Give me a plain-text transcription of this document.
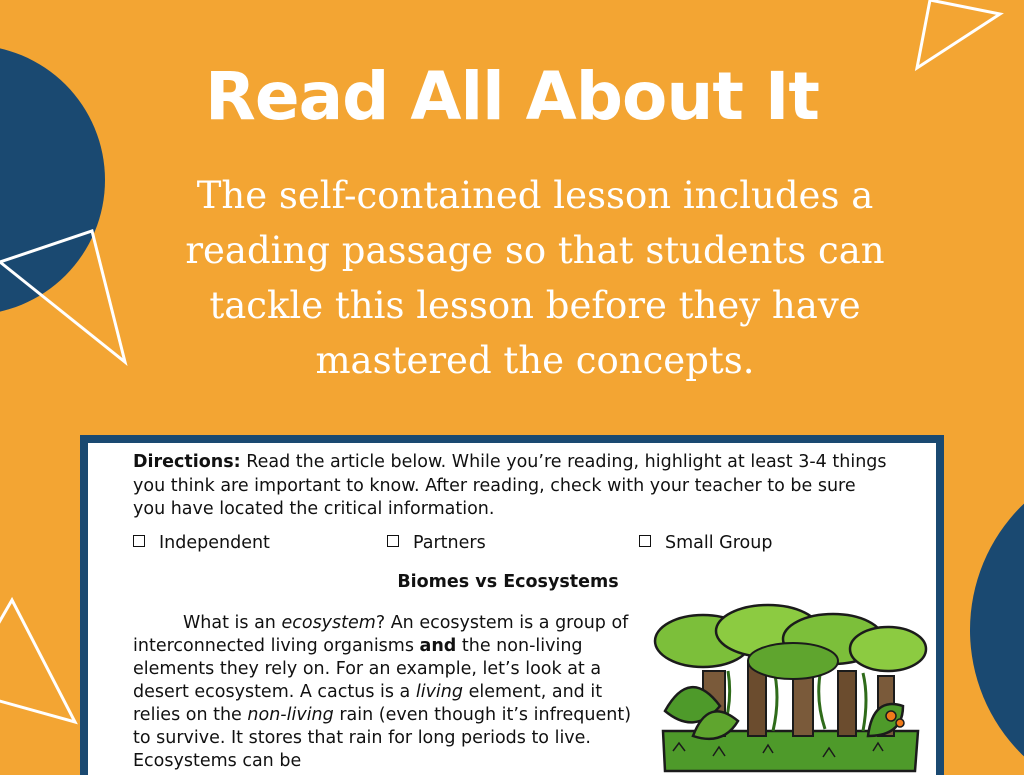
Read All About It

The self-contained lesson includes a reading passage so that students can tackle this lesson before they have mastered the concepts.

Directions: Read the article below. While you’re reading, highlight at least 3-4 things you think are important to know. After reading, check with your teacher to be sure you have located the critical information.

Independent	Partners	Small Group
Biomes vs Ecosystems

What is an ecosystem? An ecosystem is a group of interconnected living organisms and the non-living elements they rely on. For an example, let’s look at a desert ecosystem. A cactus is a living element, and it relies on the non-living rain (even though it’s infrequent) to survive. It stores that rain for long periods to live. Ecosystems can be
